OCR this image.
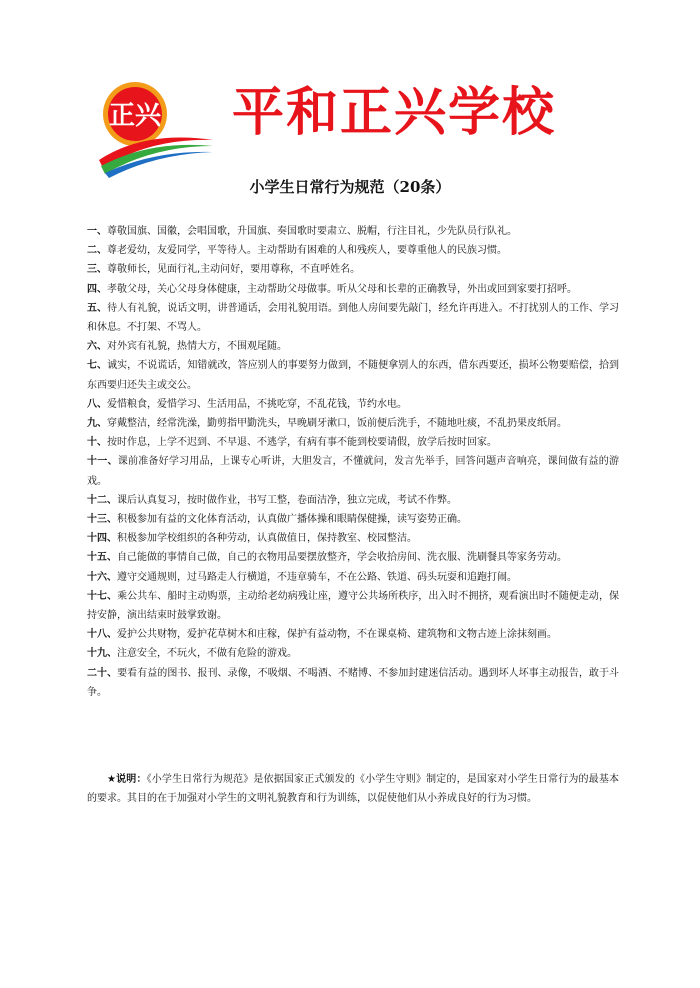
正兴 平和正兴学校
小学生日常行为规范（20条）
一、尊敬国旗、国徽，会唱国歌，升国旗、奏国歌时要肃立、脱帽，行注目礼，少先队员行队礼。
二、尊老爱幼，友爱同学，平等待人。主动帮助有困难的人和残疾人，要尊重他人的民族习惯。
三、尊敬师长，见面行礼,主动问好，要用尊称，不直呼姓名。
四、孝敬父母，关心父母身体健康，主动帮助父母做事。听从父母和长辈的正确教导，外出或回到家要打招呼。
五、待人有礼貌，说话文明，讲普通话，会用礼貌用语。到他人房间要先敲门，经允许再进入。不打扰别人的工作、学习和休息。不打架、不骂人。
六、对外宾有礼貌，热情大方，不围观尾随。
七、诚实，不说谎话，知错就改，答应别人的事要努力做到，不随便拿别人的东西，借东西要还，损坏公物要赔偿，拾到东西要归还失主或交公。
八、爱惜粮食，爱惜学习、生活用品，不挑吃穿，不乱花钱，节约水电。
九、穿戴整洁，经常洗澡，勤剪指甲勤洗头，早晚刷牙漱口，饭前便后洗手，不随地吐痰，不乱扔果皮纸屑。
十、按时作息，上学不迟到、不早退、不逃学，有病有事不能到校要请假，放学后按时回家。
十一、课前准备好学习用品，上课专心听讲，大胆发言，不懂就问，发言先举手，回答问题声音响亮，课间做有益的游戏。
十二、课后认真复习，按时做作业，书写工整，卷面洁净，独立完成，考试不作弊。
十三、积极参加有益的文化体育活动，认真做广播体操和眼睛保健操，读写姿势正确。
十四、积极参加学校组织的各种劳动，认真做值日，保持教室、校园整洁。
十五、自己能做的事情自己做，自己的衣物用品要摆放整齐，学会收拾房间、洗衣服、洗刷餐具等家务劳动。
十六、遵守交通规则，过马路走人行横道，不违章骑车，不在公路、铁道、码头玩耍和追跑打闹。
十七、乘公共车、船时主动购票，主动给老幼病残让座，遵守公共场所秩序，出入时不拥挤，观看演出时不随便走动，保持安静，演出结束时鼓掌致谢。
十八、爱护公共财物，爱护花草树木和庄稼，保护有益动物，不在课桌椅、建筑物和文物古迹上涂抹刻画。
十九、注意安全，不玩火，不做有危险的游戏。
二十、要看有益的图书、报刊、录像，不吸烟、不喝酒、不赌博、不参加封建迷信活动。遇到坏人坏事主动报告，敢于斗争。

★说明：《小学生日常行为规范》是依据国家正式颁发的《小学生守则》制定的，是国家对小学生日常行为的最基本的要求。其目的在于加强对小学生的文明礼貌教育和行为训练，以促使他们从小养成良好的行为习惯。
